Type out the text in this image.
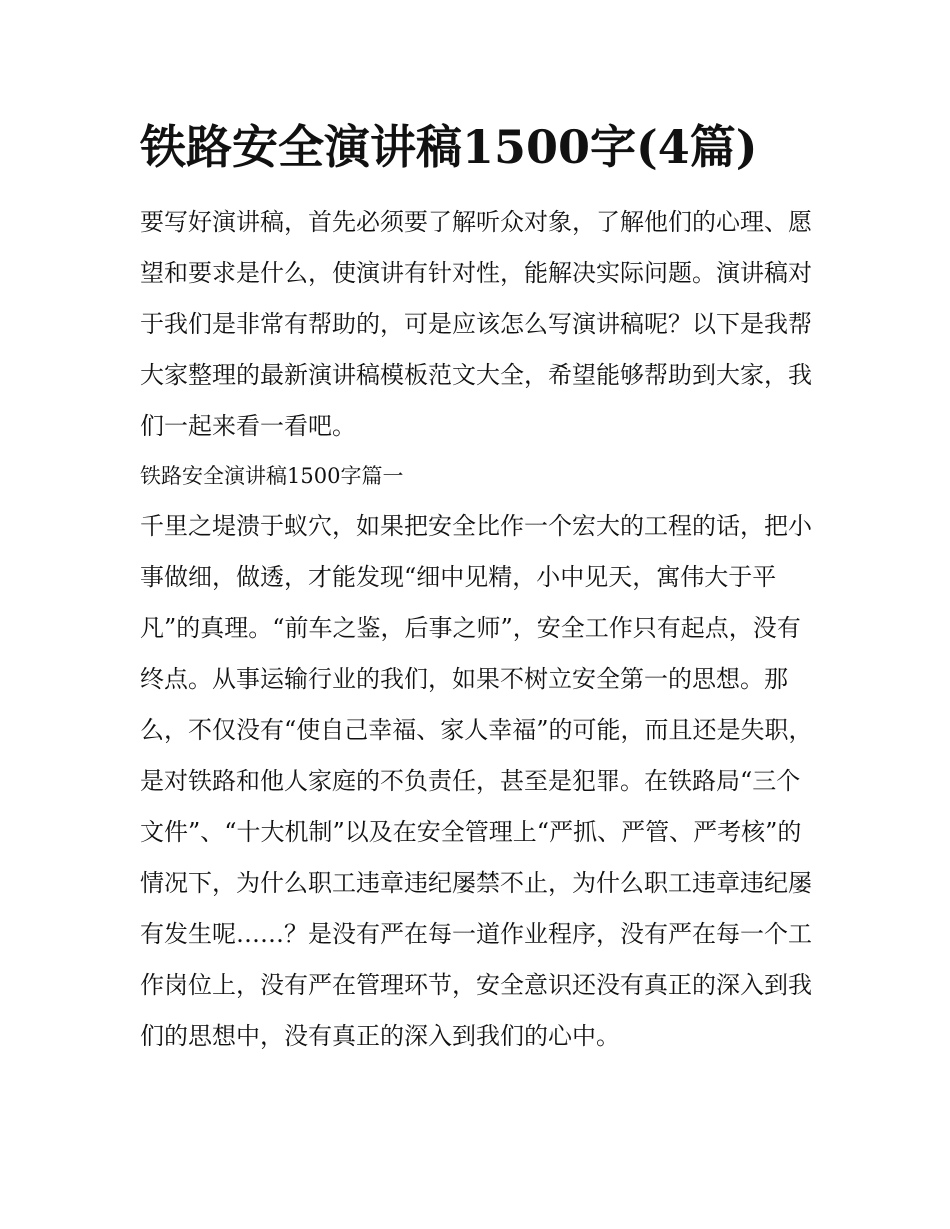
铁路安全演讲稿1500字(4篇)

要写好演讲稿，首先必须要了解听众对象，了解他们的心理、愿望和要求是什么，使演讲有针对性，能解决实际问题。演讲稿对于我们是非常有帮助的，可是应该怎么写演讲稿呢？以下是我帮大家整理的最新演讲稿模板范文大全，希望能够帮助到大家，我们一起来看一看吧。

铁路安全演讲稿1500字篇一

千里之堤溃于蚁穴，如果把安全比作一个宏大的工程的话，把小事做细，做透，才能发现“细中见精，小中见天，寓伟大于平凡”的真理。“前车之鉴，后事之师”，安全工作只有起点，没有终点。从事运输行业的我们，如果不树立安全第一的思想。那么，不仅没有“使自己幸福、家人幸福”的可能，而且还是失职，是对铁路和他人家庭的不负责任，甚至是犯罪。在铁路局“三个文件”、“十大机制”以及在安全管理上“严抓、严管、严考核”的情况下，为什么职工违章违纪屡禁不止，为什么职工违章违纪屡有发生呢……？是没有严在每一道作业程序，没有严在每一个工作岗位上，没有严在管理环节，安全意识还没有真正的深入到我们的思想中，没有真正的深入到我们的心中。
